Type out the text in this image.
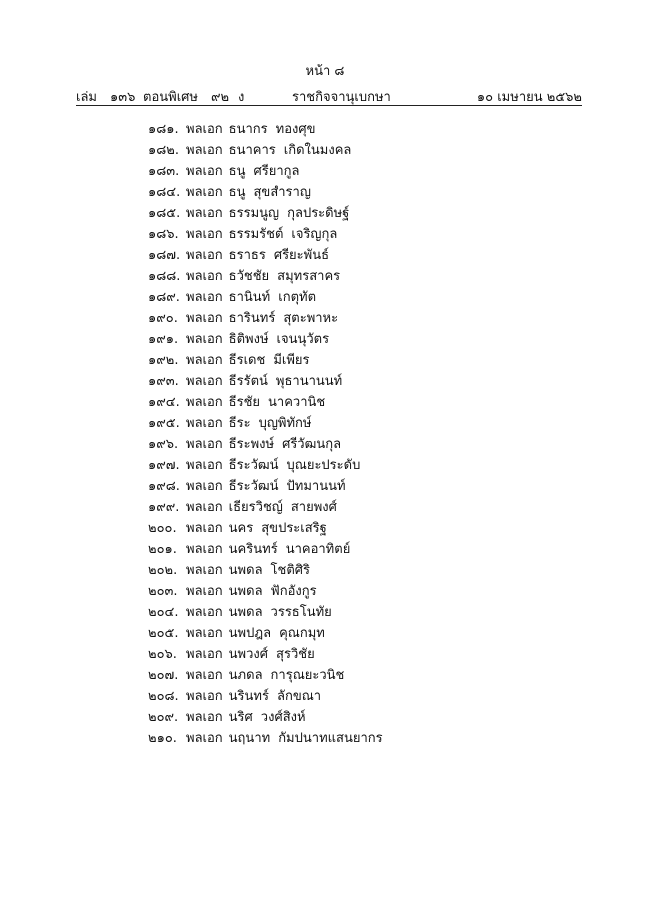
หน้า ๘
เล่ม ๑๓๖ ตอนพิเศษ ๙๒ ง	ราชกิจจานุเบกษา	๑๐ เมษายน ๒๕๖๒
๑๘๑. พลเอก ธนากร ทองศุข
๑๘๒. พลเอก ธนาคาร เกิดในมงคล
๑๘๓. พลเอก ธนู ศรียากูล
๑๘๔. พลเอก ธนู สุขสำราญ
๑๘๕. พลเอก ธรรมนูญ กุลประดิษฐ์
๑๘๖. พลเอก ธรรมรัชต์ เจริญกุล
๑๘๗. พลเอก ธราธร ศรียะพันธ์
๑๘๘. พลเอก ธวัชชัย สมุทรสาคร
๑๘๙. พลเอก ธานินท์ เกตุทัต
๑๙๐. พลเอก ธารินทร์ สุตะพาหะ
๑๙๑. พลเอก ธิติพงษ์ เจนนุวัตร
๑๙๒. พลเอก ธีรเดช มีเพียร
๑๙๓. พลเอก ธีรรัตน์ พุธานานนท์
๑๙๔. พลเอก ธีรชัย นาควานิช
๑๙๕. พลเอก ธีระ บุญพิทักษ์
๑๙๖. พลเอก ธีระพงษ์ ศรีวัฒนกุล
๑๙๗. พลเอก ธีระวัฒน์ บุณยะประดับ
๑๙๘. พลเอก ธีระวัฒน์ ปัทมานนท์
๑๙๙. พลเอก เธียรวิชญ์ สายพงศ์
๒๐๐. พลเอก นคร สุขประเสริฐ
๒๐๑. พลเอก นครินทร์ นาคอาทิตย์
๒๐๒. พลเอก นพดล โชติศิริ
๒๐๓. พลเอก นพดล ฟักอังกูร
๒๐๔. พลเอก นพดล วรรธโนทัย
๒๐๕. พลเอก นพปฎล คุณกมุท
๒๐๖. พลเอก นพวงศ์ สุรวิชัย
๒๐๗. พลเอก นภดล การุณยะวนิช
๒๐๘. พลเอก นรินทร์ ลักขณา
๒๐๙. พลเอก นริศ วงศ์สิงห์
๒๑๐. พลเอก นฤนาท กัมปนาทแสนยากร
